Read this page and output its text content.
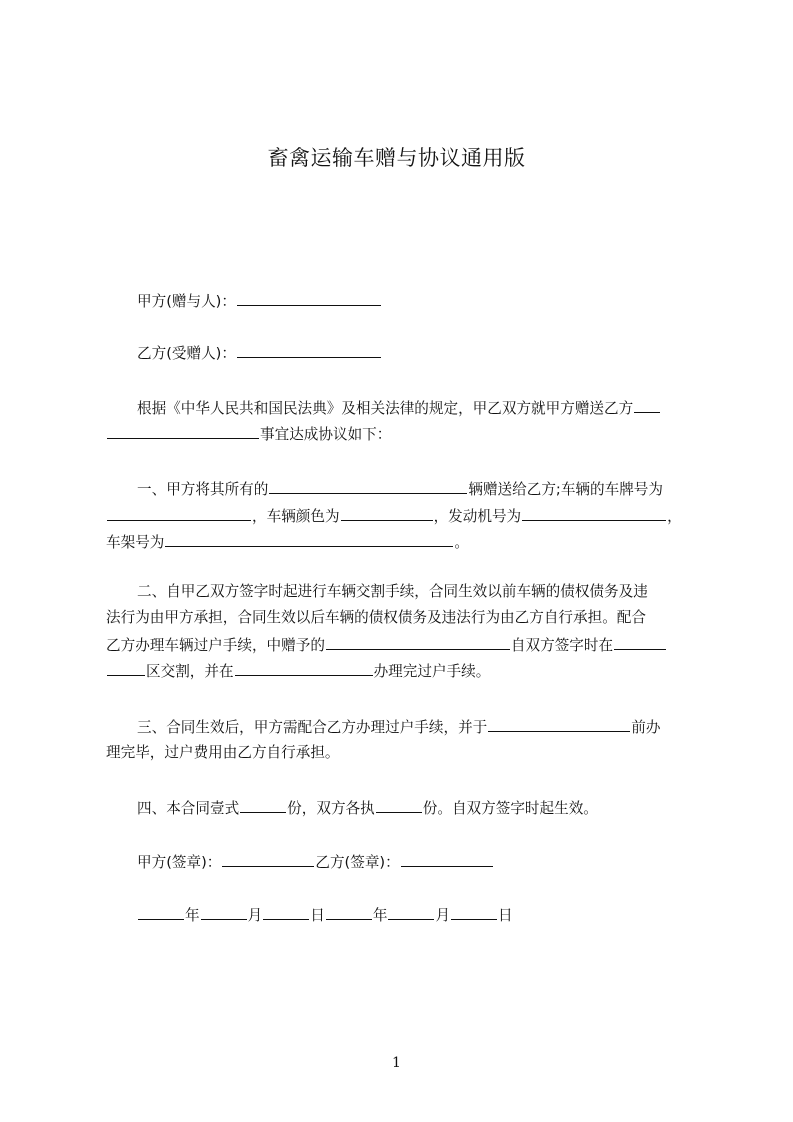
畜禽运输车赠与协议通用版
甲方(赠与人)：
乙方(受赠人)：
根据《中华人民共和国民法典》及相关法律的规定，甲乙双方就甲方赠送乙方
事宜达成协议如下：
一、甲方将其所有的	辆赠送给乙方;车辆的车牌号为
，车辆颜色为	，发动机号为	，
车架号为	。
二、自甲乙双方签字时起进行车辆交割手续，合同生效以前车辆的债权债务及违
法行为由甲方承担，合同生效以后车辆的债权债务及违法行为由乙方自行承担。配合
乙方办理车辆过户手续，中赠予的	自双方签字时在
区交割，并在	办理完过户手续。
三、合同生效后，甲方需配合乙方办理过户手续，并于	前办
理完毕，过户费用由乙方自行承担。
四、本合同壹式	份，双方各执	份。自双方签字时起生效。
甲方(签章)：	乙方(签章)：
年	月	日	年	月	日
1
